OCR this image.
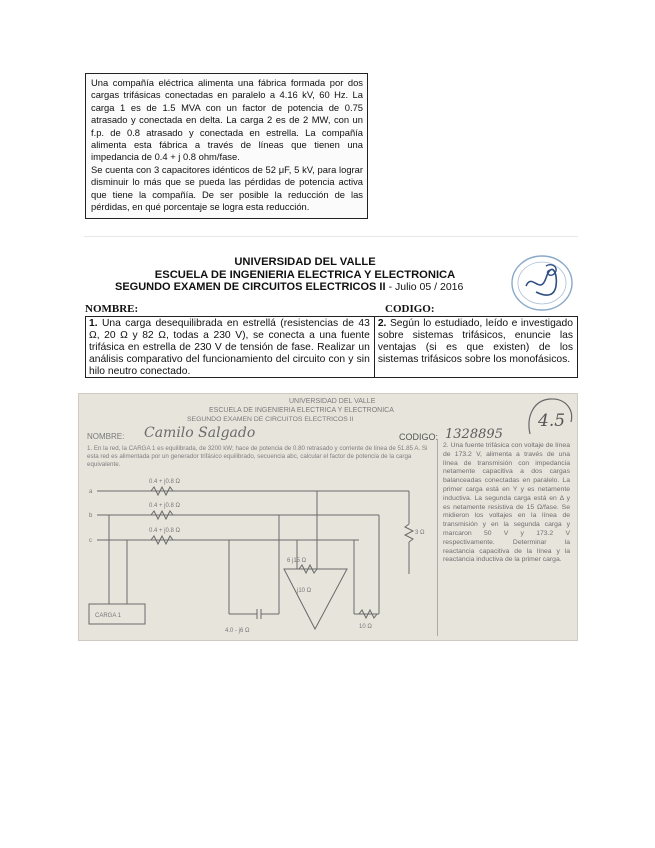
Una compañía eléctrica alimenta una fábrica formada por dos cargas trifásicas conectadas en paralelo a 4.16 kV, 60 Hz. La carga 1 es de 1.5 MVA con un factor de potencia de 0.75 atrasado y conectada en delta. La carga 2 es de 2 MW, con un f.p. de 0.8 atrasado y conectada en estrella. La compañía alimenta esta fábrica a través de líneas que tienen una impedancia de 0.4 + j 0.8 ohm/fase.

Se cuenta con 3 capacitores idénticos de 52 μF, 5 kV, para lograr disminuir lo más que se pueda las pérdidas de potencia activa que tiene la compañía. De ser posible la reducción de las pérdidas, en qué porcentaje se logra esta reducción.

UNIVERSIDAD DEL VALLE
ESCUELA DE INGENIERIA ELECTRICA Y ELECTRONICA
SEGUNDO EXAMEN DE CIRCUITOS ELECTRICOS II - Julio 05 / 2016
NOMBRE:	CODIGO:
1. Una carga desequilibrada en estrellá (resistencias de 43 Ω, 20 Ω y 82 Ω, todas a 230 V), se conecta a una fuente trifásica en estrella de 230 V de tensión de fase. Realizar un análisis comparativo del funcionamiento del circuito con y sin hilo neutro conectado.
2. Según lo estudiado, leído e investigado sobre sistemas trifásicos, enuncie las ventajas (si es que existen) de los sistemas trifásicos sobre los monofásicos.
UNIVERSIDAD DEL VALLE
ESCUELA DE INGENIERIA ELECTRICA Y ELECTRONICA
SEGUNDO EXAMEN DE CIRCUITOS ELECTRICOS II
NOMBRE: Camilo Salgado	CODIGO: 1328895
4.5
1. En la red, la CARGA 1 es equilibrada, de 3200 kW; hace de potencia de 0.80 retrasado y corriente de línea de 51.85 A. Si esta red es alimentada por un generador trifásico equilibrado, secuencia abc, calcular el factor de potencia de la carga equivalente.
2. Una fuente trifásica con voltaje de línea de 173.2 V, alimenta a través de una línea de transmisión con impedancia netamente capacitiva a dos cargas balanceadas conectadas en paralelo. La primer carga está en Y y es netamente inductiva. La segunda carga está en Δ y es netamente resistiva de 15 Ω/fase. Se midieron los voltajes en la línea de transmisión y en la segunda carga y marcaron 50 V y 173.2 V respectivamente. Determinar la reactancia capacitiva de la línea y la reactancia inductiva de la primer carga.
a
b
c
0.4 + j0.8 Ω
0.4 + j0.8 Ω
0.4 + j0.8 Ω
CARGA 1
4.0 - j6 Ω
6 j15 Ω
j10 Ω
10 Ω
3 Ω
